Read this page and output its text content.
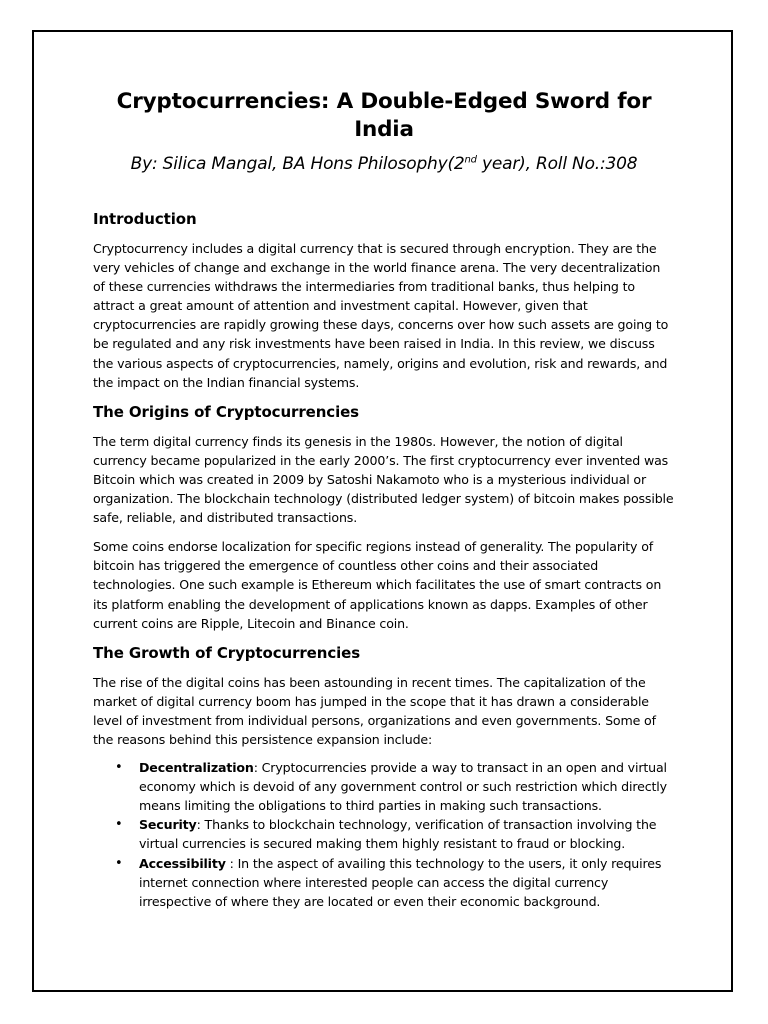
Cryptocurrencies: A Double-Edged Sword for India
By: Silica Mangal, BA Hons Philosophy(2nd year), Roll No.:308
Introduction

Cryptocurrency includes a digital currency that is secured through encryption. They are the very vehicles of change and exchange in the world finance arena. The very decentralization of these currencies withdraws the intermediaries from traditional banks, thus helping to attract a great amount of attention and investment capital. However, given that cryptocurrencies are rapidly growing these days, concerns over how such assets are going to be regulated and any risk investments have been raised in India. In this review, we discuss the various aspects of cryptocurrencies, namely, origins and evolution, risk and rewards, and the impact on the Indian financial systems.

The Origins of Cryptocurrencies

The term digital currency finds its genesis in the 1980s. However, the notion of digital currency became popularized in the early 2000’s. The first cryptocurrency ever invented was Bitcoin which was created in 2009 by Satoshi Nakamoto who is a mysterious individual or organization. The blockchain technology (distributed ledger system) of bitcoin makes possible safe, reliable, and distributed transactions.

Some coins endorse localization for specific regions instead of generality. The popularity of bitcoin has triggered the emergence of countless other coins and their associated technologies. One such example is Ethereum which facilitates the use of smart contracts on its platform enabling the development of applications known as dapps. Examples of other current coins are Ripple, Litecoin and Binance coin.

The Growth of Cryptocurrencies

The rise of the digital coins has been astounding in recent times. The capitalization of the market of digital currency boom has jumped in the scope that it has drawn a considerable level of investment from individual persons, organizations and even governments. Some of the reasons behind this persistence expansion include:

• Decentralization: Cryptocurrencies provide a way to transact in an open and virtual economy which is devoid of any government control or such restriction which directly means limiting the obligations to third parties in making such transactions.
• Security: Thanks to blockchain technology, verification of transaction involving the virtual currencies is secured making them highly resistant to fraud or blocking.
• Accessibility : In the aspect of availing this technology to the users, it only requires internet connection where interested people can access the digital currency irrespective of where they are located or even their economic background.
